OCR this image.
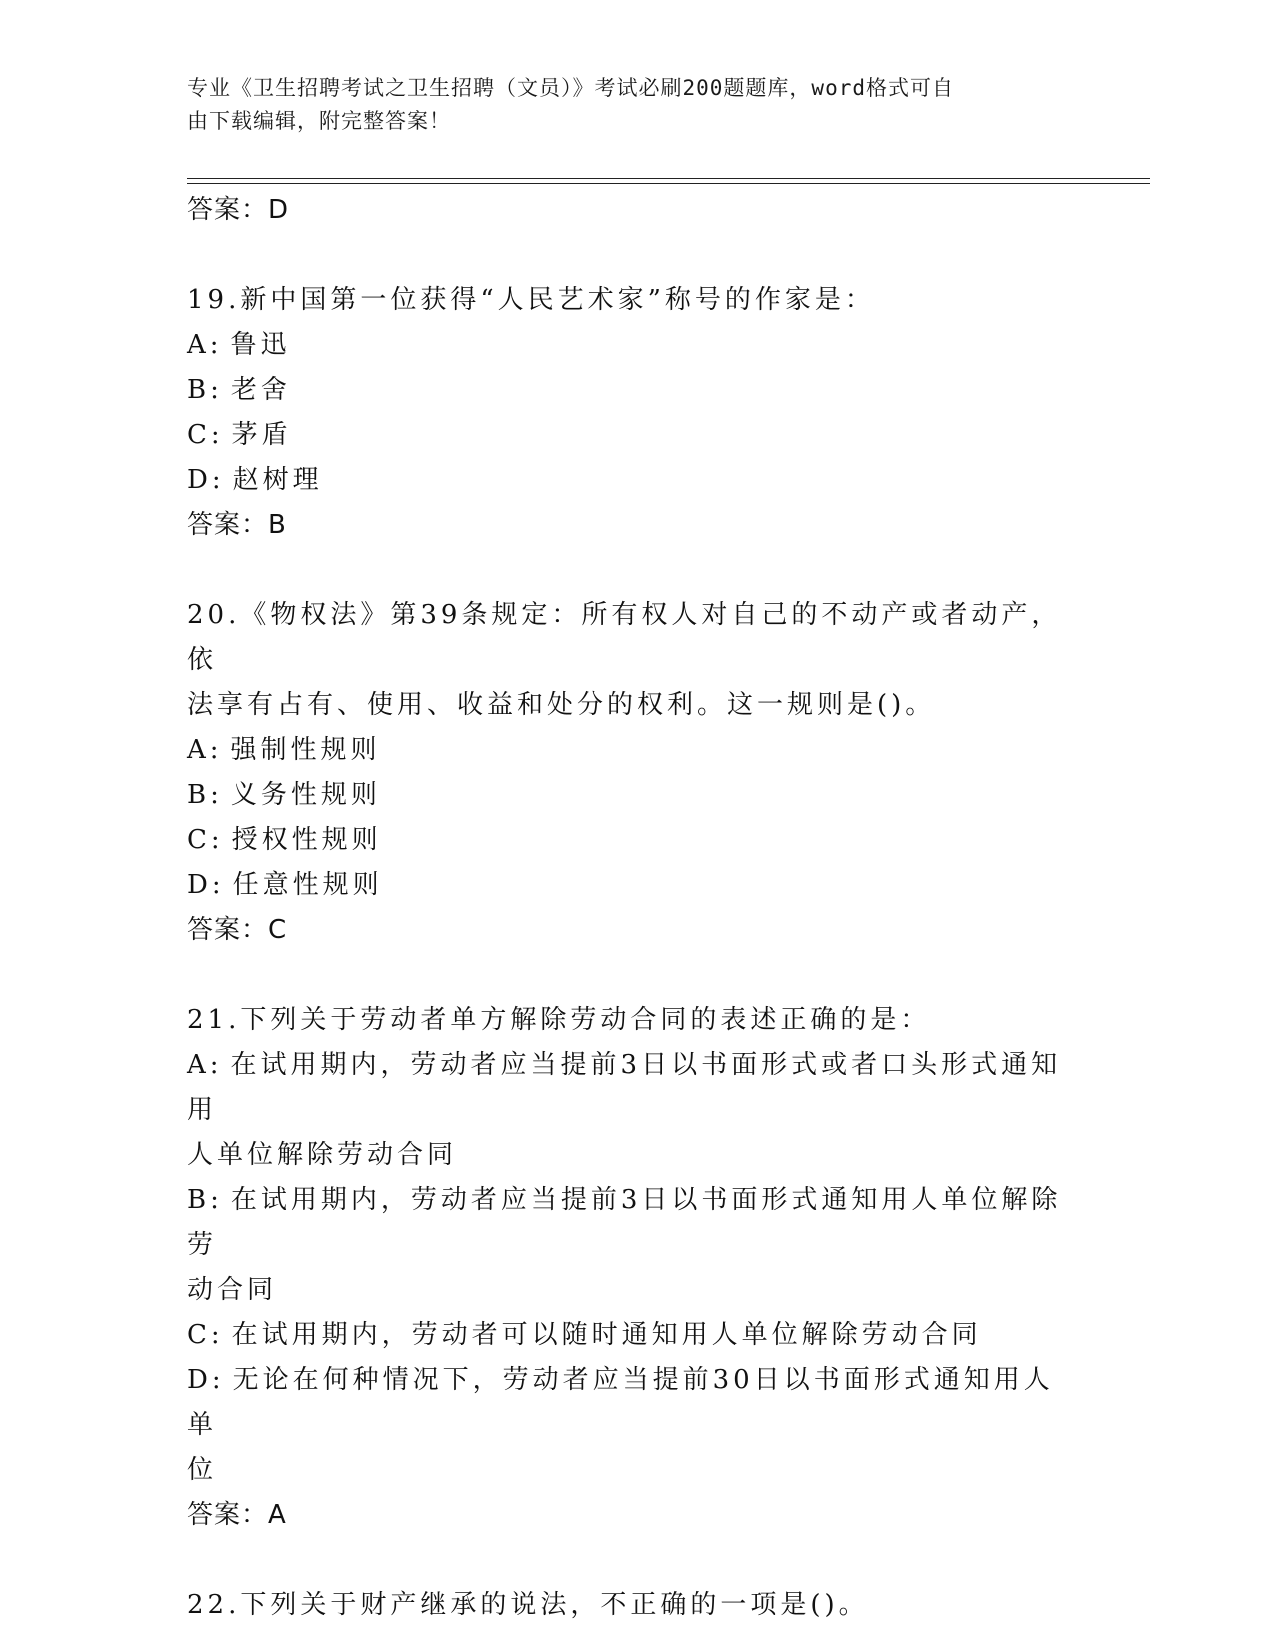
专业《卫生招聘考试之卫生招聘（文员）》考试必刷200题题库，word格式可自
由下载编辑，附完整答案！
答案：D

19.新中国第一位获得“人民艺术家”称号的作家是：

A: 鲁迅

B: 老舍

C: 茅盾

D: 赵树理

答案：B

20.《物权法》第39条规定：所有权人对自己的不动产或者动产，依

法享有占有、使用、收益和处分的权利。这一规则是()。

A: 强制性规则

B: 义务性规则

C: 授权性规则

D: 任意性规则

答案：C

21.下列关于劳动者单方解除劳动合同的表述正确的是：

A: 在试用期内，劳动者应当提前3日以书面形式或者口头形式通知用

人单位解除劳动合同

B: 在试用期内，劳动者应当提前3日以书面形式通知用人单位解除劳

动合同

C: 在试用期内，劳动者可以随时通知用人单位解除劳动合同

D: 无论在何种情况下，劳动者应当提前30日以书面形式通知用人单

位

答案：A

22.下列关于财产继承的说法，不正确的一项是()。
